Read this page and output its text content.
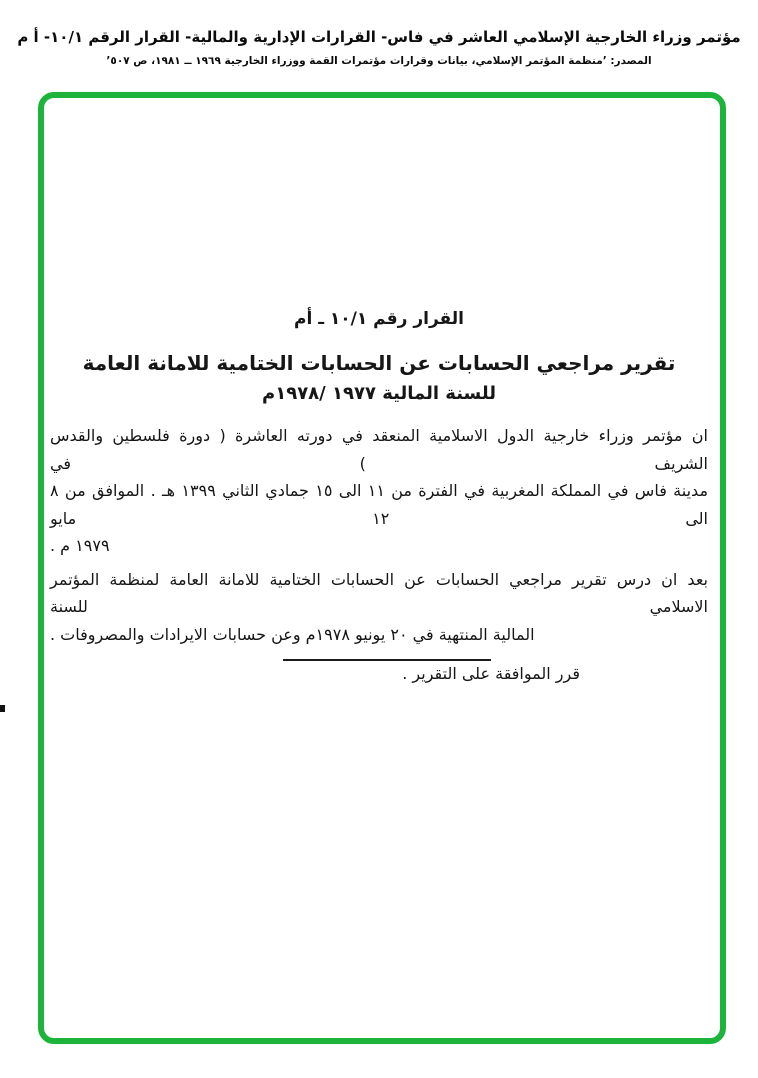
مؤتمر وزراء الخارجية الإسلامي العاشر في فاس- القرارات الإدارية والمالية- القرار الرقم ١٠/١- أ م
المصدر: ’منظمة المؤتمر الإسلامي، بيانات وقرارات مؤتمرات القمة ووزراء الخارجية ١٩٦٩ ــ ١٩٨١، ص ٥٠٧’
القرار رقم ١٠/١ ـ أم
تقرير مراجعي الحسابات عن الحسابات الختامية للامانة العامة
للسنة المالية ١٩٧٧ /١٩٧٨م
ان مؤتمر وزراء خارجية الدول الاسلامية المنعقد في دورته العاشرة ( دورة فلسطين والقدس الشريف ) في
مدينة فاس في المملكة المغربية في الفترة من ١١ الى ١٥ جمادي الثاني ١٣٩٩ هـ . الموافق من ٨ الى ١٢ مايو
١٩٧٩ م .
بعد ان درس تقرير مراجعي الحسابات عن الحسابات الختامية للامانة العامة لمنظمة المؤتمر الاسلامي للسنة
المالية المنتهية في ٢٠ يونيو ١٩٧٨م وعن حسابات الايرادات والمصروفات .
قرر الموافقة على التقرير .
